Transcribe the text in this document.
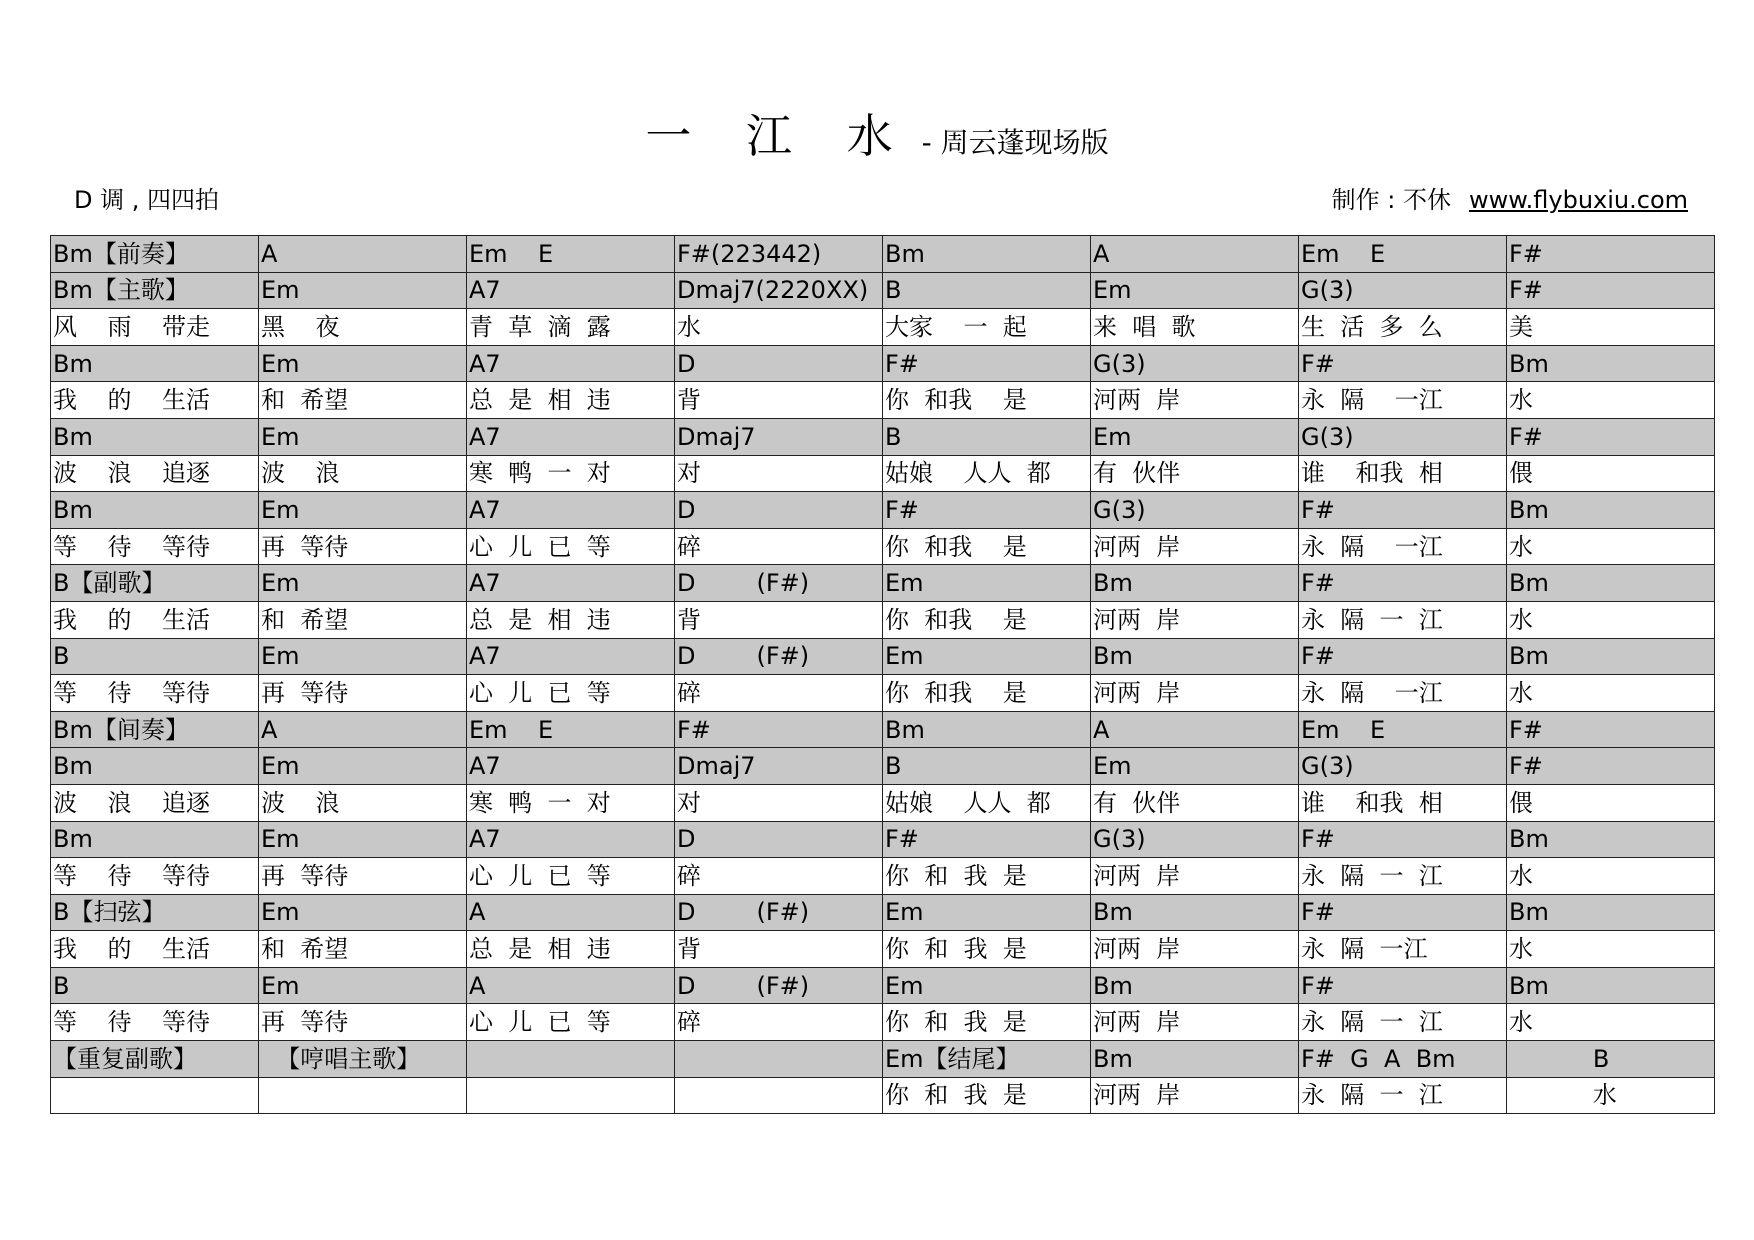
一 江 水 - 周云蓬现场版
D 调 , 四四拍	制作 : 不休 www.flybuxiu.com
Bm【前奏】	A	Em    E	F#(223442)	Bm	A	Em    E	F#
Bm【主歌】	Em	A7	Dmaj7(2220XX)	B	Em	G(3)	F#
风    雨    带走	黑    夜	青  草  滴  露	水	大家    一  起	来  唱  歌	生  活  多  么	美
Bm	Em	A7	D	F#	G(3)	F#	Bm
我    的    生活	和  希望	总  是  相  违	背	你  和我    是	河两  岸	永  隔    一江	水
Bm	Em	A7	Dmaj7	B	Em	G(3)	F#
波    浪    追逐	波    浪	寒  鸭  一  对	对	姑娘    人人  都	有  伙伴	谁    和我  相	偎
Bm	Em	A7	D	F#	G(3)	F#	Bm
等    待    等待	再  等待	心  儿  已  等	碎	你  和我    是	河两  岸	永  隔    一江	水
B【副歌】	Em	A7	D        (F#)	Em	Bm	F#	Bm
我    的    生活	和  希望	总  是  相  违	背	你  和我    是	河两  岸	永  隔  一  江	水
B	Em	A7	D        (F#)	Em	Bm	F#	Bm
等    待    等待	再  等待	心  儿  已  等	碎	你  和我    是	河两  岸	永  隔    一江	水
Bm【间奏】	A	Em    E	F#	Bm	A	Em    E	F#
Bm	Em	A7	Dmaj7	B	Em	G(3)	F#
波    浪    追逐	波    浪	寒  鸭  一  对	对	姑娘    人人  都	有  伙伴	谁    和我  相	偎
Bm	Em	A7	D	F#	G(3)	F#	Bm
等    待    等待	再  等待	心  儿  已  等	碎	你  和  我  是	河两  岸	永  隔  一  江	水
B【扫弦】	Em	A	D        (F#)	Em	Bm	F#	Bm
我    的    生活	和  希望	总  是  相  违	背	你  和  我  是	河两  岸	永  隔  一江	水
B	Em	A	D        (F#)	Em	Bm	F#	Bm
等    待    等待	再  等待	心  儿  已  等	碎	你  和  我  是	河两  岸	永  隔  一  江	水
【重复副歌】	【哼唱主歌】			Em【结尾】	Bm	F#  G  A  Bm	B
				你  和  我  是	河两  岸	永  隔  一  江	水
